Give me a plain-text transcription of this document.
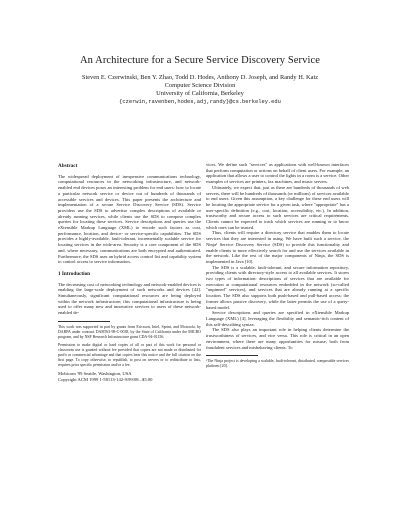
An Architecture for a Secure Service Discovery Service
Steven E. Czerwinski, Ben Y. Zhao, Todd D. Hodes, Anthony D. Joseph, and Randy H. Katz
Computer Science Division
University of California, Berkeley
{czerwin,ravenben,hodes,adj,randy}@cs.berkeley.edu
Abstract

The widespread deployment of inexpensive communications technology, computational resources in the networking infrastructure, and network-enabled end devices poses an interesting problem for end users: how to locate a particular network service or device out of hundreds of thousands of accessible services and devices. This paper presents the architecture and implementation of a secure Service Discovery Service (SDS). Service providers use the SDS to advertise complex descriptions of available or already running services, while clients use the SDS to compose complex queries for locating these services. Service descriptions and queries use the eXtensible Markup Language (XML) to encode such factors as cost, performance, location, and device- or service-specific capabilities. The SDS provides a highly-available, fault-tolerant, incrementally scalable service for locating services in the wide-area. Security is a core component of the SDS and, where necessary, communications are both encrypted and authenticated. Furthermore, the SDS uses an hybrid access control list and capability system to control access to service information.

1 Introduction

The decreasing cost of networking technology and network-enabled devices is enabling the large-scale deployment of such networks and devices [42]. Simultaneously, significant computational resources are being deployed within the network infrastructure; this computational infrastructure is being used to offer many new and innovative services to users of these network-enabled de-

This work was supported in part by grants from Ericsson, Intel, Sprint, and Motorola, by DARPA under contract DABT63-98-C-0038, by the State of California under the MICRO program, and by NSF Research Infrastructure grant CDA-94-01156.

Permission to make digital or hard copies of all or part of this work for personal or classroom use is granted without fee provided that copies are not made or distributed for profit or commercial advantage and that copies bear this notice and the full citation on the first page. To copy otherwise, to republish, to post on servers or to redistribute to lists, requires prior specific permission and/or a fee.

Mobicom '99 Seattle, Washington, USA

Copyright ACM 1999 1-58113-142-9/99/08...$5.00

vices. We define such "services" as applications with well-known interfaces that perform computation or actions on behalf of client users. For example, an application that allows a user to control the lights in a room is a service. Other examples of services are printers, fax machines, and music servers.

Ultimately, we expect that, just as there are hundreds of thousands of web servers, there will be hundreds of thousands (or millions) of services available to end users. Given this assumption, a key challenge for these end users will be locating the appropriate service for a given task, where "appropriate" has a user-specific definition (e.g., cost, location, accessibility, etc.). In addition, trustworthy and secure access to such services are critical requirements. Clients cannot be expected to track which services are running or to know which ones can be trusted.

Thus, clients will require a directory service that enables them to locate services that they are interested in using. We have built such a service, the Ninja¹ Service Discovery Service (SDS) to provide this functionality and enable clients to more effectively search for and use the services available in the network. Like the rest of the major components of Ninja, the SDS is implemented in Java [10].

The SDS is a scalable, fault-tolerant, and secure information repository, providing clients with directory-style access to all available services. It stores two types of information: descriptions of services that are available for execution at computational resources embedded in the network (so-called "unpinned" services), and services that are already running at a specific location. The SDS also supports both push-based and pull-based access; the former allows passive discovery, while the latter permits the use of a query-based model.

Service descriptions and queries are specified in eXtensible Markup Language (XML) [4], leveraging the flexibility and semantic-rich content of this self-describing syntax.

The SDS also plays an important role in helping clients determine the trustworthiness of services, and vice versa. This role is critical in an open environment, where there are many opportunities for misuse, both from fraudulent services and misbehaving clients. To

¹The Ninja project is developing a scalable, fault-tolerant, distributed, composable services platform [20].
